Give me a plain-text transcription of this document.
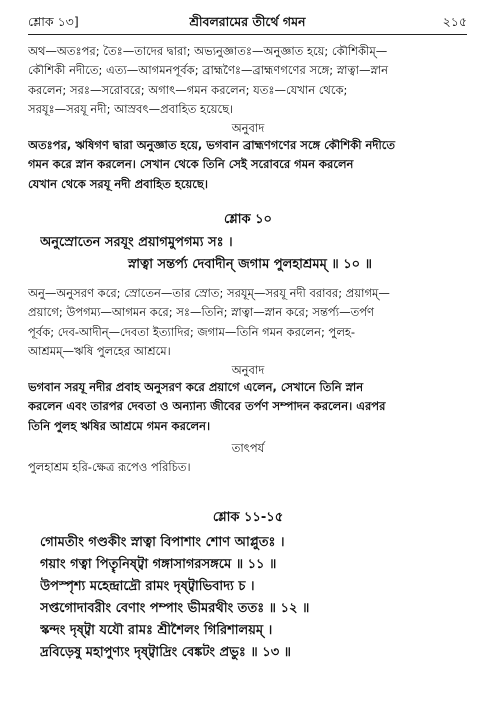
শ্লোক ১৩]	শ্রীবলরামের তীর্থে গমন	২১৫

অথ—অতঃপর; তৈঃ—তাদের দ্বারা; অভ্যনুজ্ঞাতঃ—অনুজ্ঞাত হয়ে; কৌশিকীম্—

কৌশিকী নদীতে; এত্য—আগমনপূর্বক; ব্রাহ্মণৈঃ—ব্রাহ্মণগণের সঙ্গে; স্নাত্বা—স্নান

করলেন; সরঃ—সরোবরে; অগাৎ—গমন করলেন; যতঃ—যেখান থেকে;

সরযূঃ—সরযূ নদী; আস্রবৎ—প্রবাহিত হয়েছে।

অনুবাদ

অতঃপর, ঋষিগণ দ্বারা অনুজ্ঞাত হয়ে, ভগবান ব্রাহ্মণগণের সঙ্গে কৌশিকী নদীতে

গমন করে স্নান করলেন। সেখান থেকে তিনি সেই সরোবরে গমন করলেন

যেখান থেকে সরযূ নদী প্রবাহিত হয়েছে।

শ্লোক ১০

অনুস্রোতেন সরযূং প্রয়াগমুপগম্য সঃ ।

স্নাত্বা সন্তর্প্য দেবাদীন্ জগাম পুলহাশ্রমম্ ॥ ১০ ॥

অনু—অনুসরণ করে; স্রোতেন—তার স্রোত; সরযূম্—সরযূ নদী বরাবর; প্রয়াগম্—

প্রয়াগে; উপগম্য—আগমন করে; সঃ—তিনি; স্নাত্বা—স্নান করে; সন্তর্প্য—তর্পণ

পূর্বক; দেব-আদীন্—দেবতা ইত্যাদির; জগাম—তিনি গমন করলেন; পুলহ-

আশ্রমম্—ঋষি পুলহের আশ্রমে।

অনুবাদ

ভগবান সরযূ নদীর প্রবাহ অনুসরণ করে প্রয়াগে এলেন, সেখানে তিনি স্নান

করলেন এবং তারপর দেবতা ও অন্যান্য জীবের তর্পণ সম্পাদন করলেন। এরপর

তিনি পুলহ ঋষির আশ্রমে গমন করলেন।

তাৎপর্য

পুলহাশ্রম হরি-ক্ষেত্র রূপেও পরিচিত।

শ্লোক ১১-১৫

গোমতীং গণ্ডকীং স্নাত্বা বিপাশাং শোণ আপ্লুতঃ ।

গয়াং গত্বা পিতৄনিষ্ট্বা গঙ্গাসাগরসঙ্গমে ॥ ১১ ॥

উপস্পৃশ্য মহেন্দ্রাদ্রৌ রামং দৃষ্ট্বাভিবাদ্য চ ।

সপ্তগোদাবরীং বেণাং পম্পাং ভীমরথীং ততঃ ॥ ১২ ॥

স্কন্দং দৃষ্ট্বা যযৌ রামঃ শ্রীশৈলং গিরিশালয়ম্ ।

দ্রবিড়েষু মহাপুণ্যং দৃষ্ট্বাদ্রিং বেঙ্কটং প্রভুঃ ॥ ১৩ ॥
